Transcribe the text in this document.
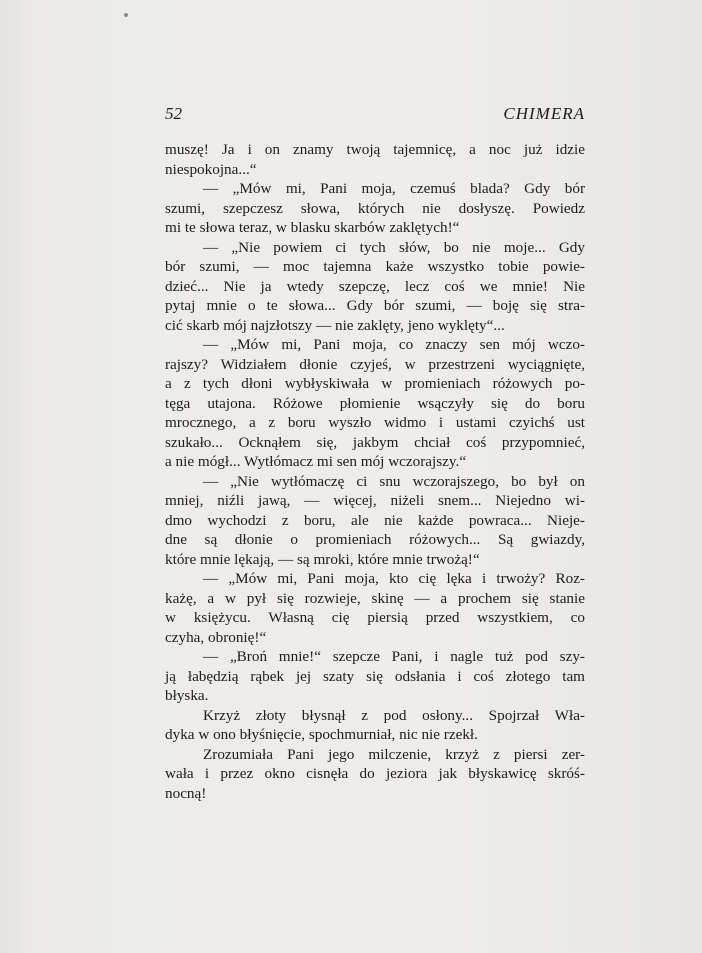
52	CHIMERA
muszę! Ja i on znamy twoją tajemnicę, a noc już idzie
niespokojna...“
— „Mów mi, Pani moja, czemuś blada? Gdy bór
szumi, szepczesz słowa, których nie dosłyszę. Powiedz
mi te słowa teraz, w blasku skarbów zaklętych!“
— „Nie powiem ci tych słów, bo nie moje... Gdy
bór szumi, — moc tajemna każe wszystko tobie powie-
dzieć... Nie ja wtedy szepczę, lecz coś we mnie! Nie
pytaj mnie o te słowa... Gdy bór szumi, — boję się stra-
cić skarb mój najzłotszy — nie zaklęty, jeno wyklęty“...
— „Mów mi, Pani moja, co znaczy sen mój wczo-
rajszy? Widziałem dłonie czyjeś, w przestrzeni wyciągnięte,
a z tych dłoni wybłyskiwała w promieniach różowych po-
tęga utajona. Różowe płomienie wsączyły się do boru
mrocznego, a z boru wyszło widmo i ustami czyichś ust
szukało... Ocknąłem się, jakbym chciał coś przypomnieć,
a nie mógł... Wytłómacz mi sen mój wczorajszy.“
— „Nie wytłómaczę ci snu wczorajszego, bo był on
mniej, niźli jawą, — więcej, niżeli snem... Niejedno wi-
dmo wychodzi z boru, ale nie każde powraca... Nieje-
dne są dłonie o promieniach różowych... Są gwiazdy,
które mnie lękają, — są mroki, które mnie trwożą!“
— „Mów mi, Pani moja, kto cię lęka i trwoży? Roz-
każę, a w pył się rozwieje, skinę — a prochem się stanie
w księżycu. Własną cię piersią przed wszystkiem, co
czyha, obronię!“
— „Broń mnie!“ szepcze Pani, i nagle tuż pod szy-
ją łabędzią rąbek jej szaty się odsłania i coś złotego tam
błyska.
Krzyż złoty błysnął z pod osłony... Spojrzał Wła-
dyka w ono błyśnięcie, spochmurniał, nic nie rzekł.
Zrozumiała Pani jego milczenie, krzyż z piersi zer-
wała i przez okno cisnęła do jeziora jak błyskawicę skróś-
nocną!
